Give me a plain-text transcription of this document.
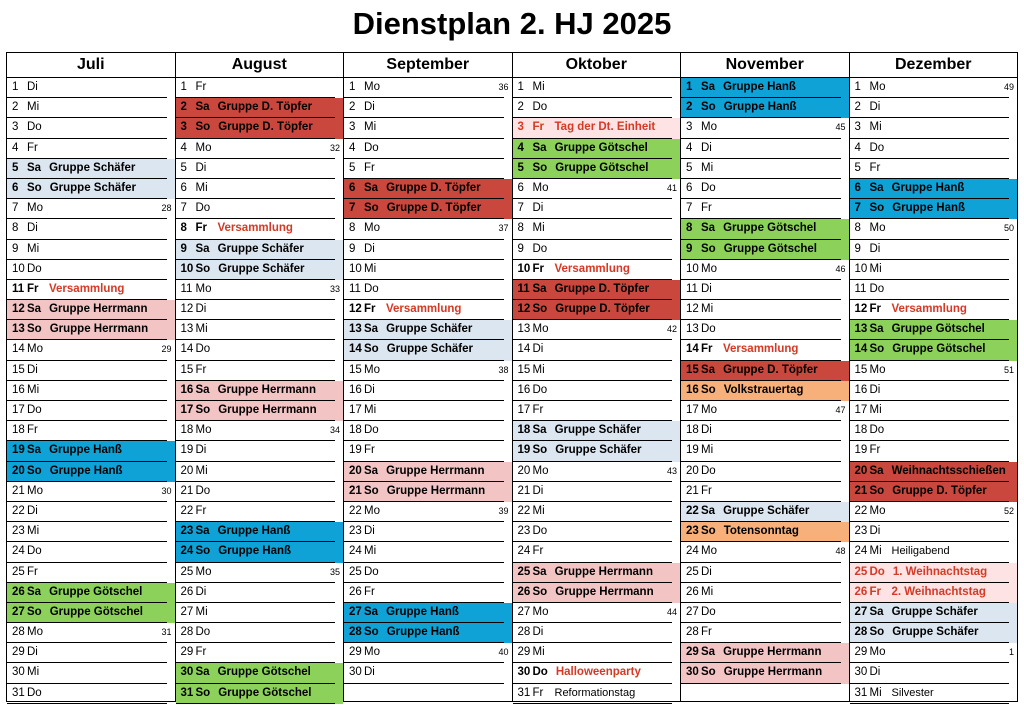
Dienstplan 2. HJ 2025
Juli
1 Di
2 Mi
3 Do
4 Fr
5 Sa Gruppe Schäfer
6 So Gruppe Schäfer
7 Mo	28
8 Di
9 Mi
10 Do
11 Fr Versammlung
12 Sa Gruppe Herrmann
13 So Gruppe Herrmann
14 Mo	29
15 Di
16 Mi
17 Do
18 Fr
19 Sa Gruppe Hanß
20 So Gruppe Hanß
21 Mo	30
22 Di
23 Mi
24 Do
25 Fr
26 Sa Gruppe Götschel
27 So Gruppe Götschel
28 Mo	31
29 Di
30 Mi
31 Do
August
1 Fr
2 Sa Gruppe D. Töpfer
3 So Gruppe D. Töpfer
4 Mo	32
5 Di
6 Mi
7 Do
8 Fr Versammlung
9 Sa Gruppe Schäfer
10 So Gruppe Schäfer
11 Mo	33
12 Di
13 Mi
14 Do
15 Fr
16 Sa Gruppe Herrmann
17 So Gruppe Herrmann
18 Mo	34
19 Di
20 Mi
21 Do
22 Fr
23 Sa Gruppe Hanß
24 So Gruppe Hanß
25 Mo	35
26 Di
27 Mi
28 Do
29 Fr
30 Sa Gruppe Götschel
31 So Gruppe Götschel
September
1 Mo	36
2 Di
3 Mi
4 Do
5 Fr
6 Sa Gruppe D. Töpfer
7 So Gruppe D. Töpfer
8 Mo	37
9 Di
10 Mi
11 Do
12 Fr Versammlung
13 Sa Gruppe Schäfer
14 So Gruppe Schäfer
15 Mo	38
16 Di
17 Mi
18 Do
19 Fr
20 Sa Gruppe Herrmann
21 So Gruppe Herrmann
22 Mo	39
23 Di
24 Mi
25 Do
26 Fr
27 Sa Gruppe Hanß
28 So Gruppe Hanß
29 Mo	40
30 Di
Oktober
1 Mi
2 Do
3 Fr Tag der Dt. Einheit
4 Sa Gruppe Götschel
5 So Gruppe Götschel
6 Mo	41
7 Di
8 Mi
9 Do
10 Fr Versammlung
11 Sa Gruppe D. Töpfer
12 So Gruppe D. Töpfer
13 Mo	42
14 Di
15 Mi
16 Do
17 Fr
18 Sa Gruppe Schäfer
19 So Gruppe Schäfer
20 Mo	43
21 Di
22 Mi
23 Do
24 Fr
25 Sa Gruppe Herrmann
26 So Gruppe Herrmann
27 Mo	44
28 Di
29 Mi
30 Do Halloweenparty
31 Fr Reformationstag
November
1 Sa Gruppe Hanß
2 So Gruppe Hanß
3 Mo	45
4 Di
5 Mi
6 Do
7 Fr
8 Sa Gruppe Götschel
9 So Gruppe Götschel
10 Mo	46
11 Di
12 Mi
13 Do
14 Fr Versammlung
15 Sa Gruppe D. Töpfer
16 So Volkstrauertag
17 Mo	47
18 Di
19 Mi
20 Do
21 Fr
22 Sa Gruppe Schäfer
23 So Totensonntag
24 Mo	48
25 Di
26 Mi
27 Do
28 Fr
29 Sa Gruppe Herrmann
30 So Gruppe Herrmann
Dezember
1 Mo	49
2 Di
3 Mi
4 Do
5 Fr
6 Sa Gruppe Hanß
7 So Gruppe Hanß
8 Mo	50
9 Di
10 Mi
11 Do
12 Fr Versammlung
13 Sa Gruppe Götschel
14 So Gruppe Götschel
15 Mo	51
16 Di
17 Mi
18 Do
19 Fr
20 Sa Weihnachtsschießen
21 So Gruppe D. Töpfer
22 Mo	52
23 Di
24 Mi Heiligabend
25 Do 1. Weihnachtstag
26 Fr 2. Weihnachtstag
27 Sa Gruppe Schäfer
28 So Gruppe Schäfer
29 Mo	1
30 Di
31 Mi Silvester
